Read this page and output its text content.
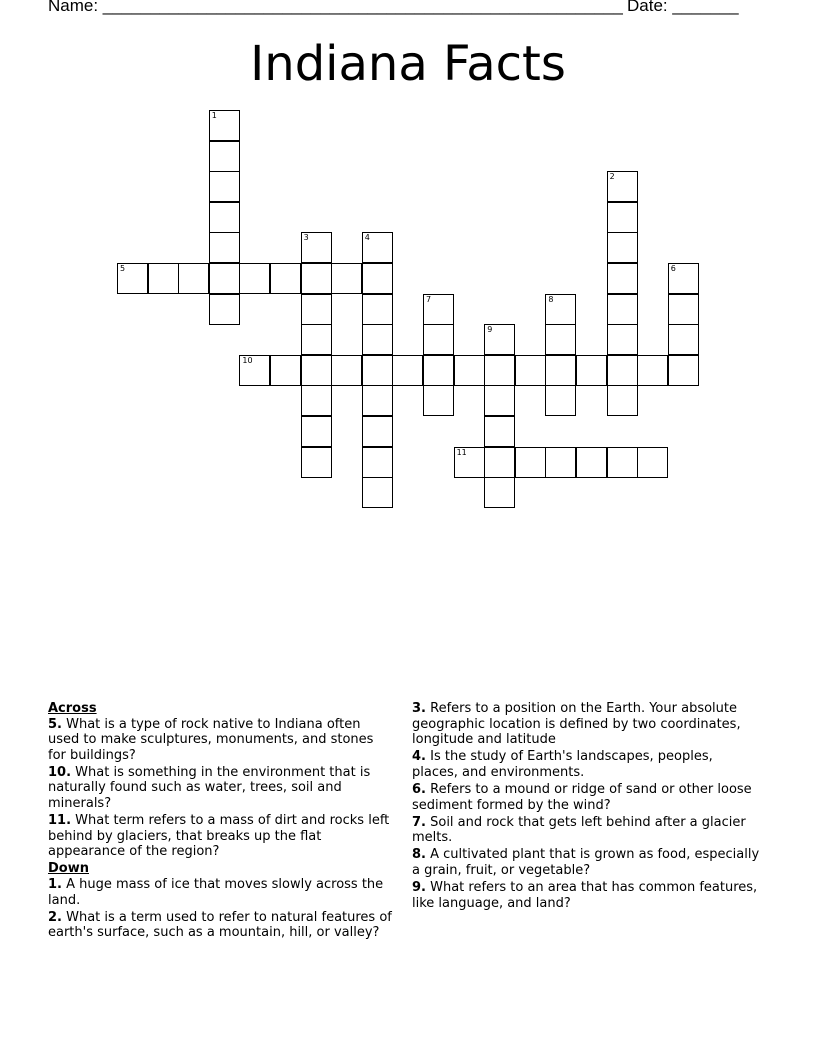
Name: _______________________________________________________ Date: _______
Indiana Facts
1
2
3	4
5	6
7	8
9
10
11
Across
5. What is a type of rock native to Indiana often used to make sculptures, monuments, and stones for buildings?
10. What is something in the environment that is naturally found such as water, trees, soil and minerals?
11. What term refers to a mass of dirt and rocks left behind by glaciers, that breaks up the flat appearance of the region?
Down
1. A huge mass of ice that moves slowly across the land.
2. What is a term used to refer to natural features of earth's surface, such as a mountain, hill, or valley?
3. Refers to a position on the Earth. Your absolute geographic location is defined by two coordinates, longitude and latitude
4. Is the study of Earth's landscapes, peoples, places, and environments.
6. Refers to a mound or ridge of sand or other loose sediment formed by the wind?
7. Soil and rock that gets left behind after a glacier melts.
8. A cultivated plant that is grown as food, especially a grain, fruit, or vegetable?
9. What refers to an area that has common features, like language, and land?
